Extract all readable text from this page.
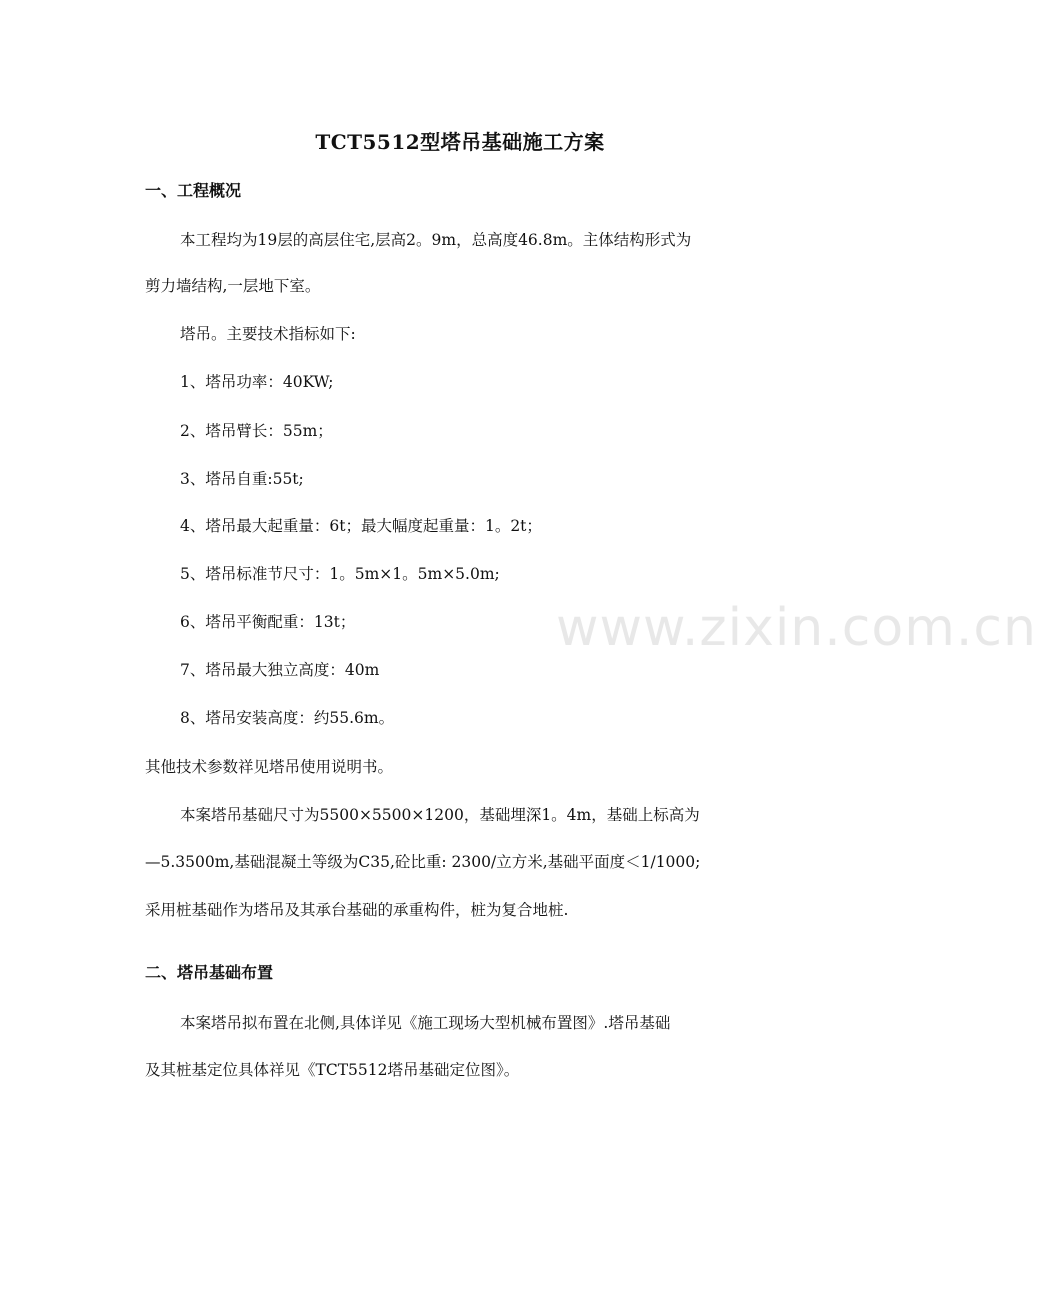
TCT5512型塔吊基础施工方案
一、工程概况
本工程均为19层的高层住宅,层高2。9m，总高度46.8m。主体结构形式为
剪力墙结构,一层地下室。
塔吊。主要技术指标如下:
1、塔吊功率：40KW;
2、塔吊臂长：55m；
3、塔吊自重:55t;
4、塔吊最大起重量：6t；最大幅度起重量：1。2t；
5、塔吊标准节尺寸：1。5m×1。5m×5.0m;
6、塔吊平衡配重：13t；
7、塔吊最大独立高度：40m
8、塔吊安装高度：约55.6m。
其他技术参数祥见塔吊使用说明书。
本案塔吊基础尺寸为5500×5500×1200，基础埋深1。4m，基础上标高为
—5.3500m,基础混凝土等级为C35,砼比重: 2300/立方米,基础平面度＜1/1000;
采用桩基础作为塔吊及其承台基础的承重构件，桩为复合地桩.
二、塔吊基础布置
本案塔吊拟布置在北侧,具体详见《施工现场大型机械布置图》.塔吊基础
及其桩基定位具体祥见《TCT5512塔吊基础定位图》。
www.zixin.com.cn
